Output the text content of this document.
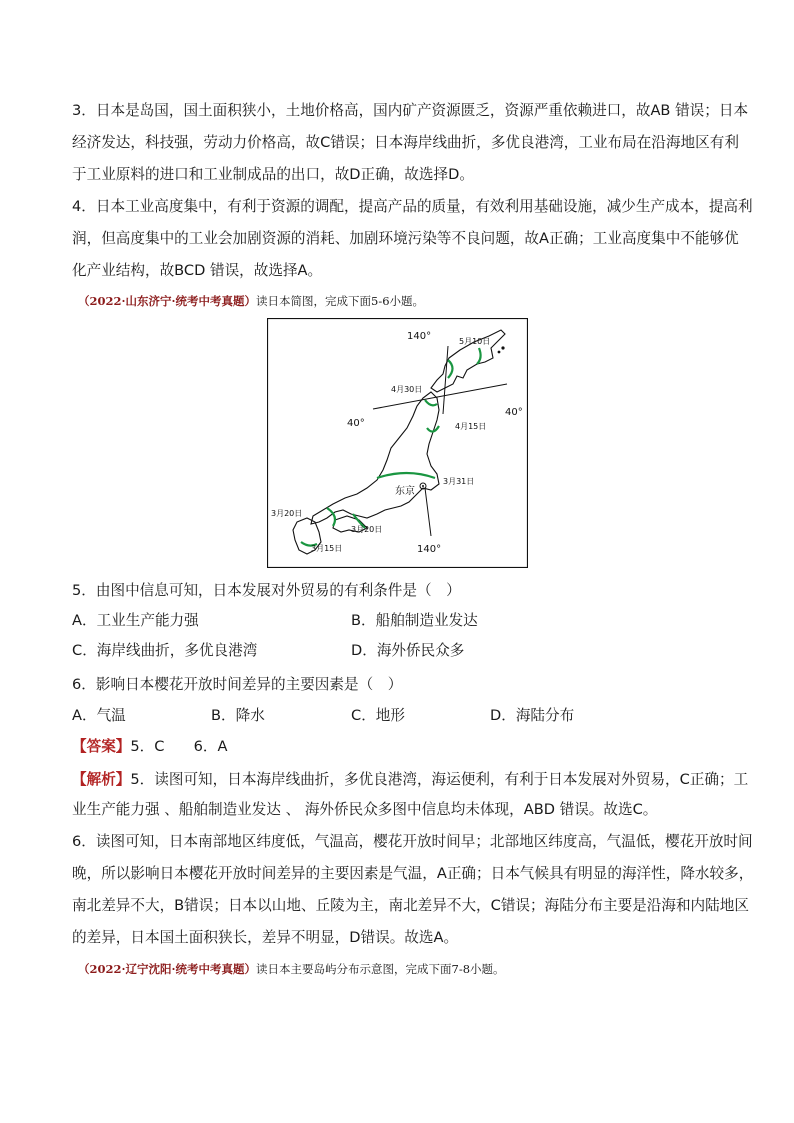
3．日本是岛国，国土面积狭小，土地价格高，国内矿产资源匮乏，资源严重依赖进口，故AB 错误；日本
经济发达，科技强，劳动力价格高，故C错误；日本海岸线曲折，多优良港湾，工业布局在沿海地区有利
于工业原料的进口和工业制成品的出口，故D正确，故选择D。
4．日本工业高度集中，有利于资源的调配，提高产品的质量，有效利用基础设施，减少生产成本，提高利
润，但高度集中的工业会加剧资源的消耗、加剧环境污染等不良问题，故A正确；工业高度集中不能够优
化产业结构，故BCD 错误，故选择A。
（2022·山东济宁·统考中考真题）读日本简图，完成下面5-6小题。
140°
140°
40°
40°
5月10日
4月30日
4月15日
3月31日
3月20日
3月20日
3月15日
东京
5．由图中信息可知，日本发展对外贸易的有利条件是（　）
A．工业生产能力强	B．船舶制造业发达
C．海岸线曲折，多优良港湾	D．海外侨民众多
6．影响日本樱花开放时间差异的主要因素是（　）
A．气温	B．降水	C．地形	D．海陆分布
【答案】5．C　　6．A
【解析】5．读图可知，日本海岸线曲折，多优良港湾，海运便利，有利于日本发展对外贸易，C正确；工
业生产能力强 、船舶制造业发达 、 海外侨民众多图中信息均未体现，ABD 错误。故选C。
6．读图可知，日本南部地区纬度低，气温高，樱花开放时间早；北部地区纬度高，气温低，樱花开放时间
晚，所以影响日本樱花开放时间差异的主要因素是气温，A正确；日本气候具有明显的海洋性，降水较多，
南北差异不大，B错误；日本以山地、丘陵为主，南北差异不大，C错误；海陆分布主要是沿海和内陆地区
的差异，日本国土面积狭长，差异不明显，D错误。故选A。
（2022·辽宁沈阳·统考中考真题）读日本主要岛屿分布示意图，完成下面7-8小题。
